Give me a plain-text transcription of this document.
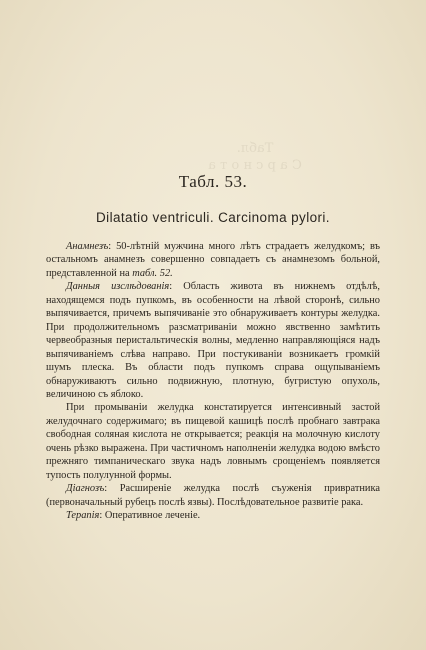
Табл.
С а р с н о т а
Табл. 53.
Dilatatio ventriculi. Carcinoma pylori.

Анамнезъ: 50-лѣтній мужчина много лѣтъ страдаетъ желудкомъ; въ остальномъ анамнезъ совершенно совпадаетъ съ анамнезомъ больной, представленной на табл. 52.

Данныя изслѣдованія: Область живота въ нижнемъ отдѣлѣ, находящемся подъ пупкомъ, въ особенности на лѣвой сторонѣ, сильно выпячивается, причемъ выпячиваніе это обнаруживаетъ контуры желудка. При продолжительномъ разсматриваніи можно явственно замѣтить червеобразныя перистальтическія волны, медленно направляющіяся надъ выпячиваніемъ слѣва направо. При постукиваніи возникаетъ громкій шумъ плеска. Въ области подъ пупкомъ справа ощупываніемъ обнаруживаютъ сильно подвижную, плотную, бугристую опухоль, величиною съ яблоко.

При промываніи желудка констатируется интенсивный застой желудочнаго содержимаго; въ пищевой кашицѣ послѣ пробнаго завтрака свободная соляная кислота не открывается; реакція на молочную кислоту очень рѣзко выражена. При частичномъ наполненіи желудка водою вмѣсто прежняго тимпаническаго звука надъ ловнымъ срощеніемъ появляется тупость полулунной формы.

Діагнозъ: Расширеніе желудка послѣ съуженія привратника (первоначальный рубецъ послѣ язвы). Послѣдовательное развитіе рака.

Терапія: Оперативное леченіе.
